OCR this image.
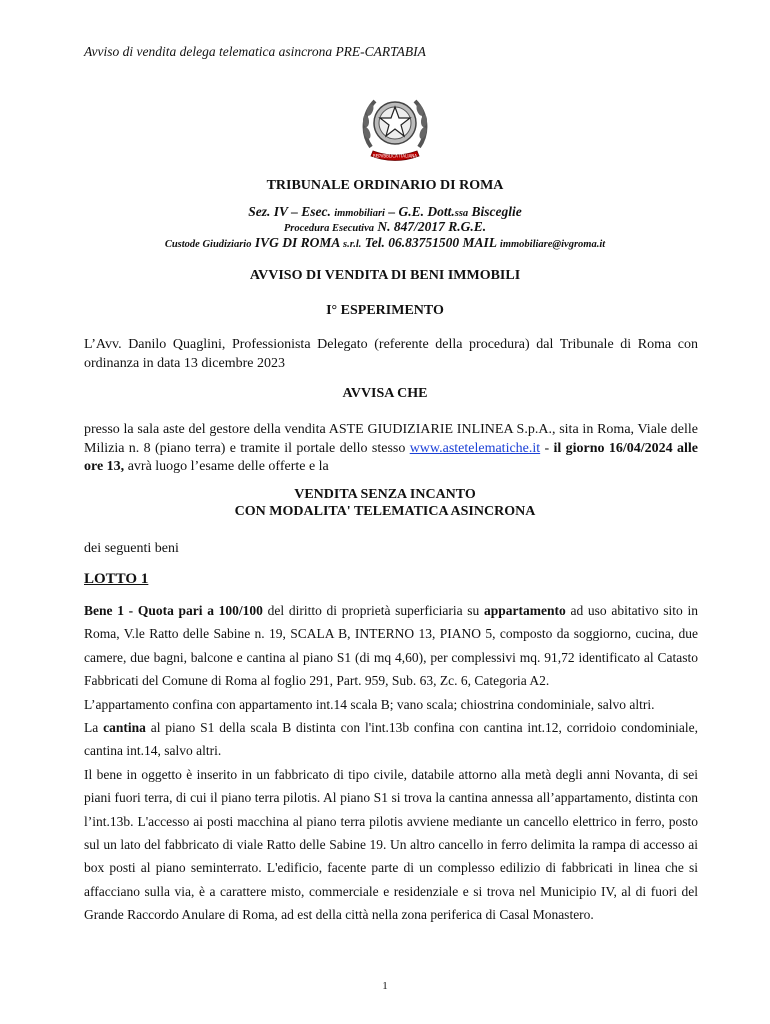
Avviso di vendita delega telematica asincrona PRE-CARTABIA
REPVBBLICA ITALIANA
TRIBUNALE ORDINARIO DI ROMA
Sez. IV – Esec. immobiliari – G.E. Dott.ssa Bisceglie
Procedura Esecutiva N. 847/2017 R.G.E.
Custode Giudiziario IVG DI ROMA s.r.l. Tel. 06.83751500 MAIL immobiliare@ivgroma.it
AVVISO DI VENDITA DI BENI IMMOBILI
I° ESPERIMENTO
L’Avv. Danilo Quaglini, Professionista Delegato (referente della procedura) dal Tribunale di Roma con ordinanza in data 13 dicembre 2023
AVVISA CHE
presso la sala aste del gestore della vendita ASTE GIUDIZIARIE INLINEA S.p.A., sita in Roma, Viale delle Milizia n. 8 (piano terra) e tramite il portale dello stesso www.astetelematiche.it - il giorno 16/04/2024 alle ore 13, avrà luogo l’esame delle offerte e la
VENDITA SENZA INCANTO
CON MODALITA' TELEMATICA ASINCRONA
dei seguenti beni
LOTTO 1

Bene 1 - Quota pari a 100/100 del diritto di proprietà superficiaria su appartamento ad uso abitativo sito in Roma, V.le Ratto delle Sabine n. 19, SCALA B, INTERNO 13, PIANO 5, composto da soggiorno, cucina, due camere, due bagni, balcone e cantina al piano S1 (di mq 4,60), per complessivi mq. 91,72 identificato al Catasto Fabbricati del Comune di Roma al foglio 291, Part. 959, Sub. 63, Zc. 6, Categoria A2.

L’appartamento confina con appartamento int.14 scala B; vano scala; chiostrina condominiale, salvo altri.

La cantina al piano S1 della scala B distinta con l'int.13b confina con cantina int.12, corridoio condominiale, cantina int.14, salvo altri.

Il bene in oggetto è inserito in un fabbricato di tipo civile, databile attorno alla metà degli anni Novanta, di sei piani fuori terra, di cui il piano terra pilotis. Al piano S1 si trova la cantina annessa all’appartamento, distinta con l’int.13b. L'accesso ai posti macchina al piano terra pilotis avviene mediante un cancello elettrico in ferro, posto sul un lato del fabbricato di viale Ratto delle Sabine 19. Un altro cancello in ferro delimita la rampa di accesso ai box posti al piano seminterrato. L'edificio, facente parte di un complesso edilizio di fabbricati in linea che si affacciano sulla via, è a carattere misto, commerciale e residenziale e si trova nel Municipio IV, al di fuori del Grande Raccordo Anulare di Roma, ad est della città nella zona periferica di Casal Monastero.

1
